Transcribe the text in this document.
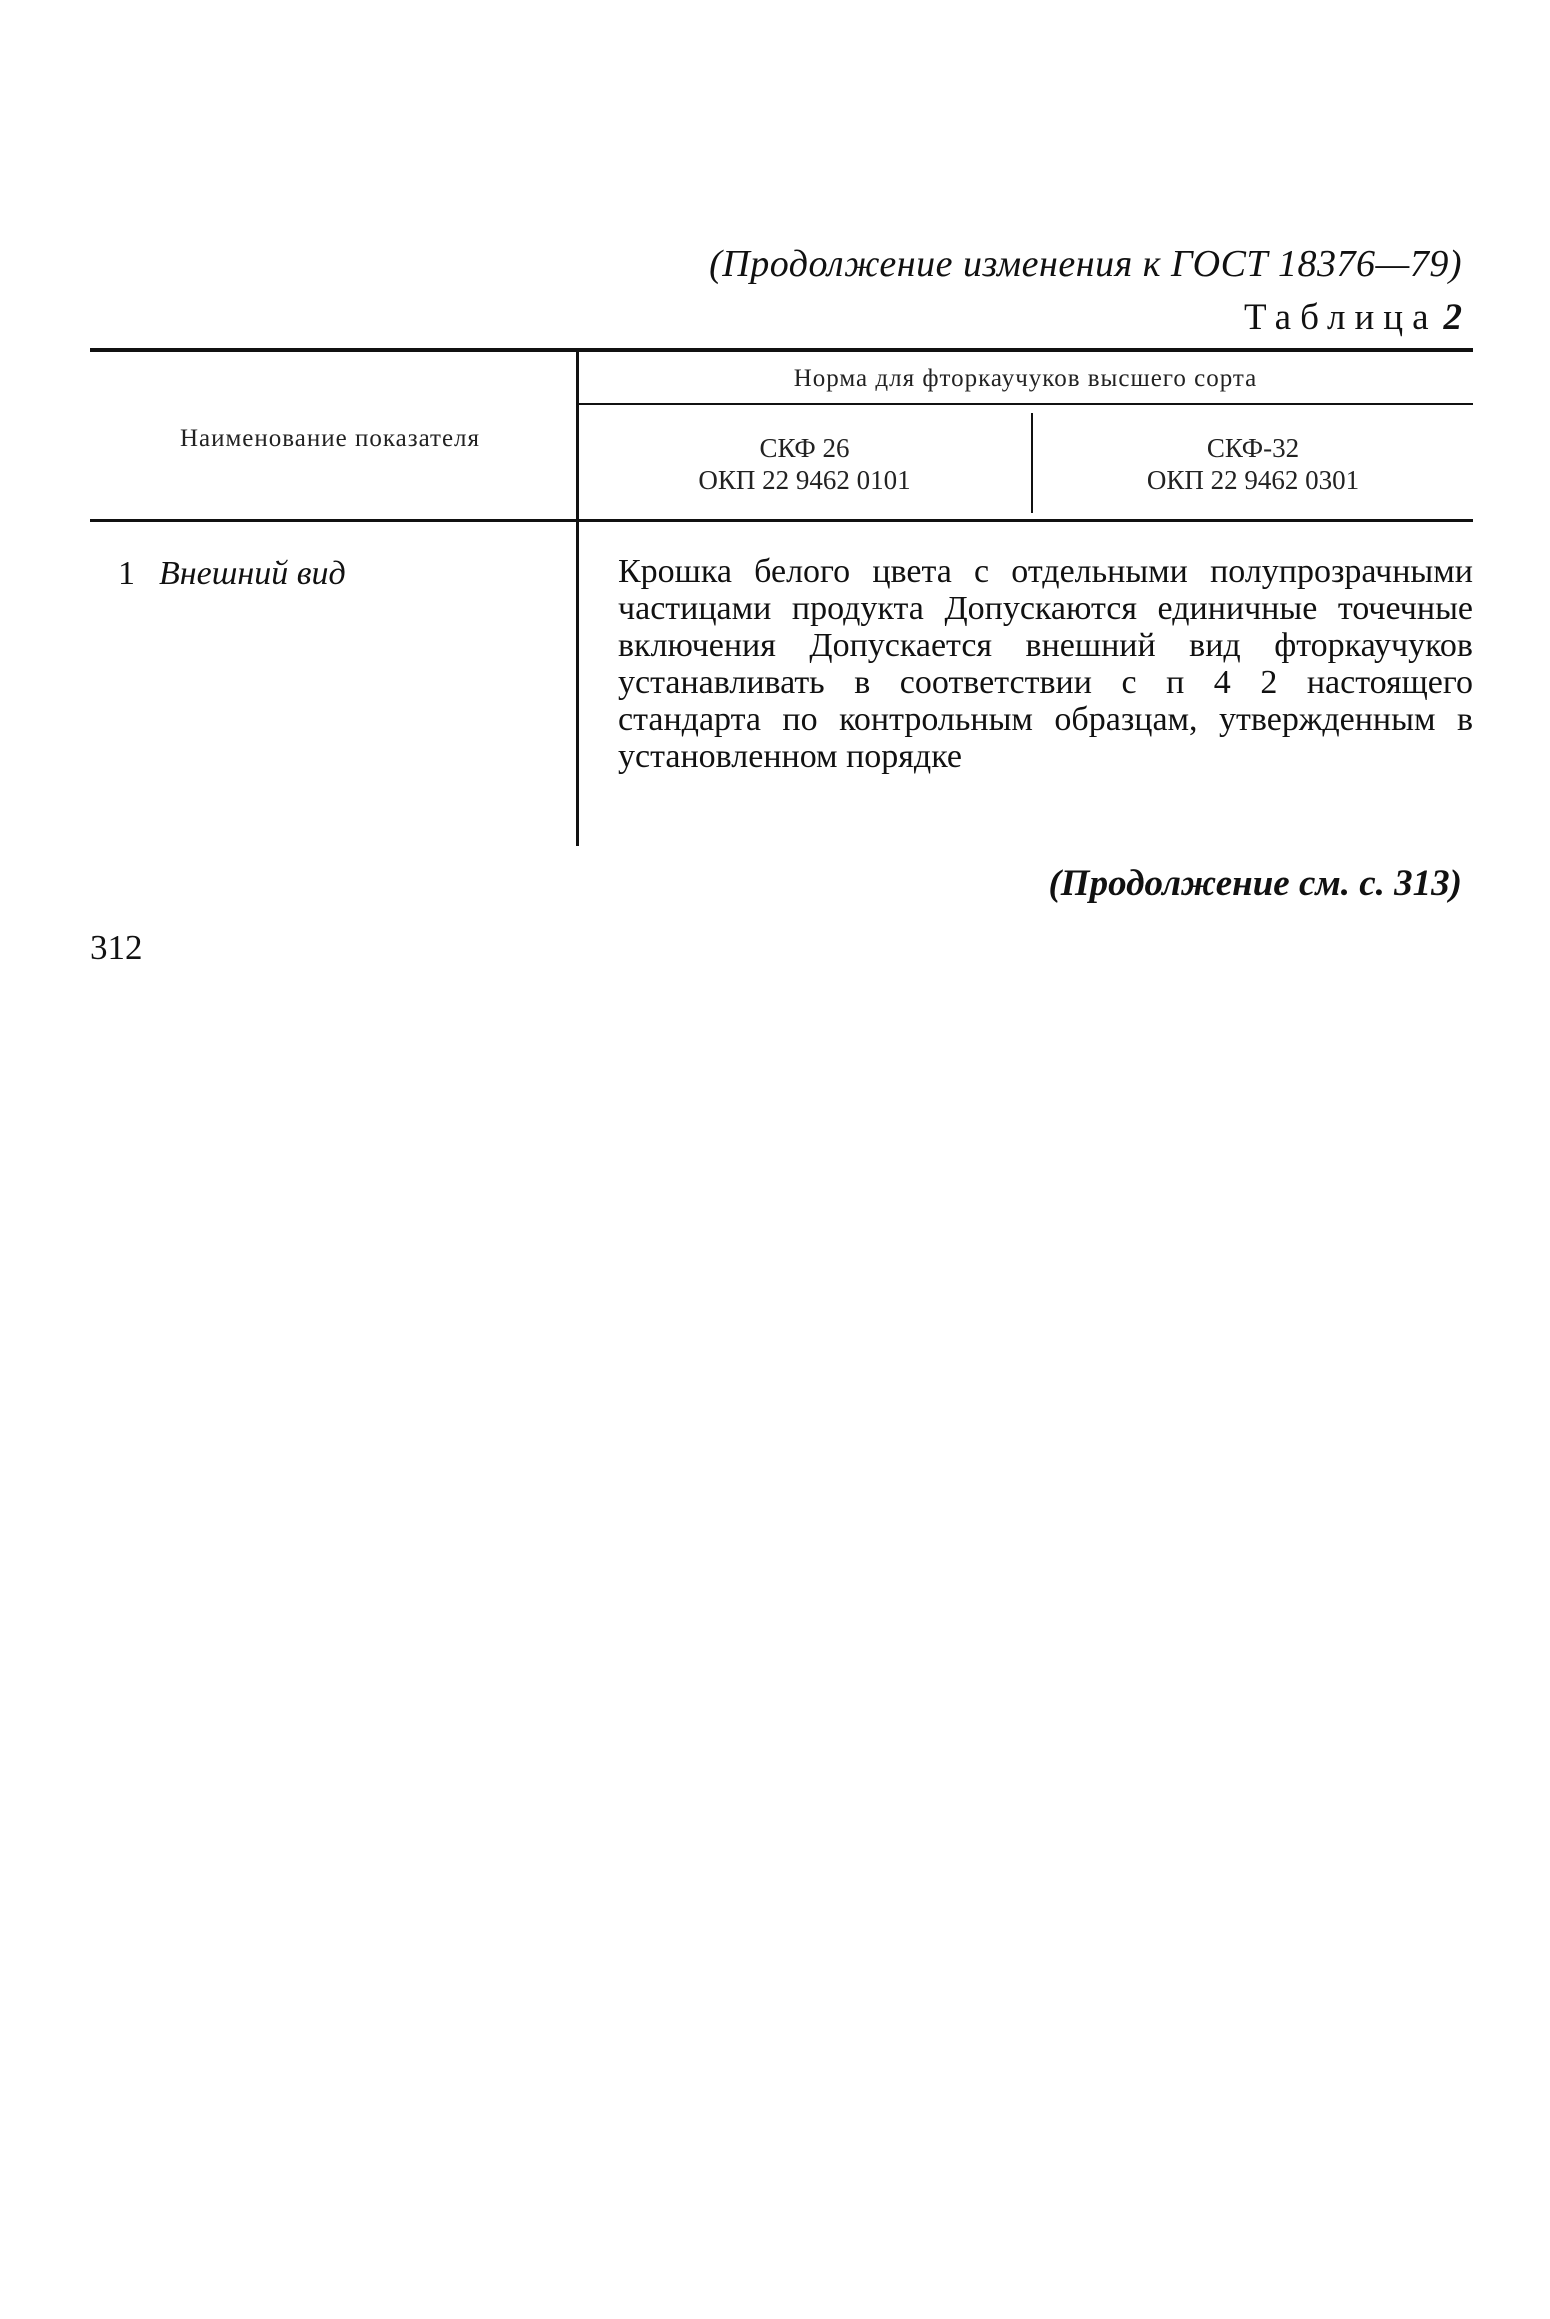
(Продолжение изменения к ГОСТ 18376—79)
Таблица 2
Наименование показателя
Норма для фторкаучуков высшего сорта
СКФ 26
ОКП 22 9462 0101
СКФ-32
ОКП 22 9462 0301
1 Внешний вид	Крошка белого цвета с отдельными полупрозрачными частицами продукта Допускаются единичные точечные включения Допускается внешний вид фторкаучуков устанавливать в соответствии с п 4 2 настоящего стандарта по контрольным образцам, утвержденным в установленном порядке
(Продолжение см. с. 313)
312
